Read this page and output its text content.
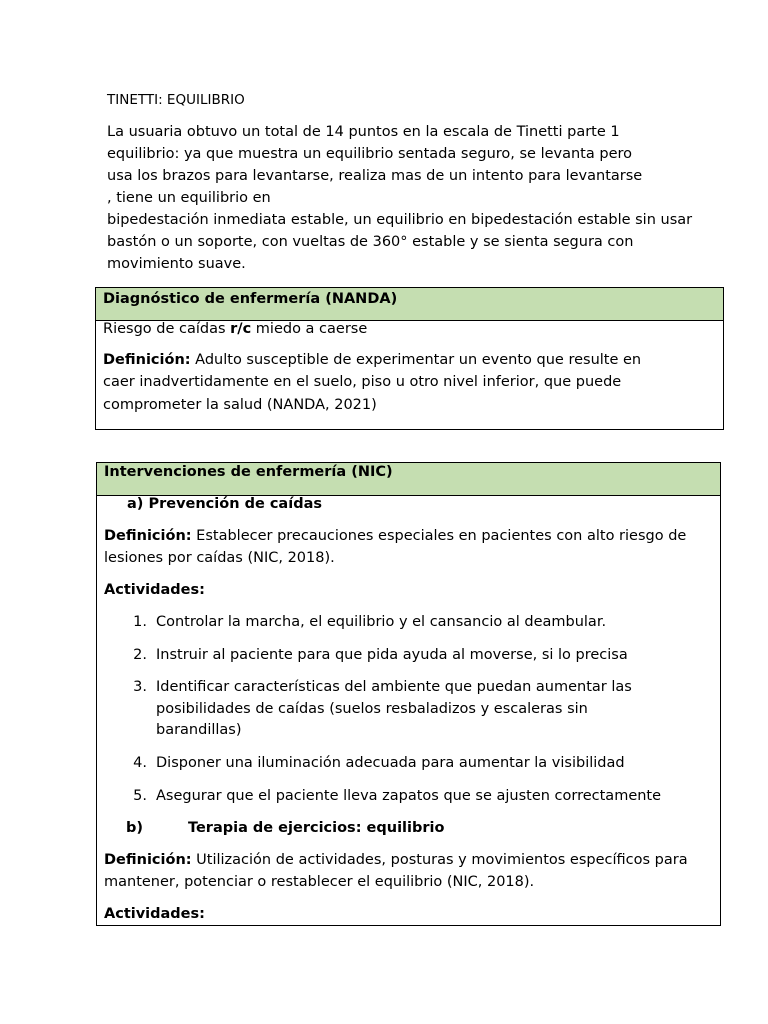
TINETTI: EQUILIBRIO
La usuaria obtuvo un total de 14 puntos en la escala de Tinetti parte 1
equilibrio: ya que muestra un equilibrio sentada seguro, se levanta pero
usa los brazos para levantarse, realiza mas de un intento para levantarse
, tiene un equilibrio en
bipedestación inmediata estable, un equilibrio en bipedestación estable sin usar
bastón o un soporte, con vueltas de 360° estable y se sienta segura con
movimiento suave.
Diagnóstico de enfermería (NANDA)
Riesgo de caídas r/c miedo a caerse
Definición: Adulto susceptible de experimentar un evento que resulte en
caer inadvertidamente en el suelo, piso u otro nivel inferior, que puede
comprometer la salud (NANDA, 2021)
Intervenciones de enfermería (NIC)
a) Prevención de caídas
Definición: Establecer precauciones especiales en pacientes con alto riesgo de
lesiones por caídas (NIC, 2018).
Actividades:
1. Controlar la marcha, el equilibrio y el cansancio al deambular.
2. Instruir al paciente para que pida ayuda al moverse, si lo precisa
3. Identificar características del ambiente que puedan aumentar las
posibilidades de caídas (suelos resbaladizos y escaleras sin
barandillas)
4. Disponer una iluminación adecuada para aumentar la visibilidad
5. Asegurar que el paciente lleva zapatos que se ajusten correctamente
b)	Terapia de ejercicios: equilibrio
Definición: Utilización de actividades, posturas y movimientos específicos para
mantener, potenciar o restablecer el equilibrio (NIC, 2018).
Actividades:
